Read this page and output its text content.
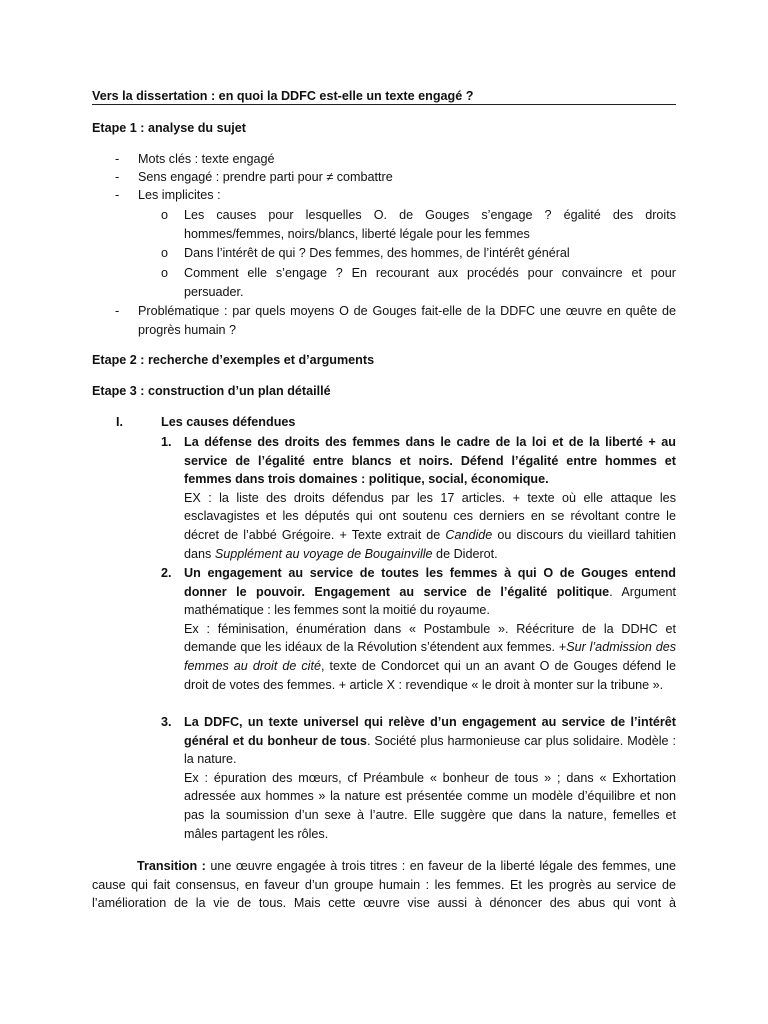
Vers la dissertation : en quoi la DDFC est-elle un texte engagé ?
Etape 1 : analyse du sujet
- Mots clés : texte engagé
- Sens engagé : prendre parti pour ≠ combattre
- Les implicites :
o Les causes pour lesquelles O. de Gouges s’engage ? égalité des droits hommes/femmes, noirs/blancs, liberté légale pour les femmes
o Dans l’intérêt de qui ? Des femmes, des hommes, de l’intérêt général
o Comment elle s’engage ? En recourant aux procédés pour convaincre et pour persuader.
- Problématique : par quels moyens O de Gouges fait-elle de la DDFC une œuvre en quête de progrès humain ?
Etape 2 : recherche d’exemples et d’arguments
Etape 3 : construction d’un plan détaillé
I.	Les causes défendues
1. La défense des droits des femmes dans le cadre de la loi et de la liberté + au service de l’égalité entre blancs et noirs. Défend l’égalité entre hommes et femmes dans trois domaines : politique, social, économique.
EX : la liste des droits défendus par les 17 articles. + texte où elle attaque les esclavagistes et les députés qui ont soutenu ces derniers en se révoltant contre le décret de l’abbé Grégoire. + Texte extrait de Candide ou discours du vieillard tahitien dans Supplément au voyage de Bougainville de Diderot.
2. Un engagement au service de toutes les femmes à qui O de Gouges entend donner le pouvoir. Engagement au service de l’égalité politique. Argument mathématique : les femmes sont la moitié du royaume.
Ex : féminisation, énumération dans « Postambule ». Réécriture de la DDHC et demande que les idéaux de la Révolution s’étendent aux femmes. +Sur l’admission des femmes au droit de cité, texte de Condorcet qui un an avant O de Gouges défend le droit de votes des femmes. + article X : revendique « le droit à monter sur la tribune ».
3. La DDFC, un texte universel qui relève d’un engagement au service de l’intérêt général et du bonheur de tous. Société plus harmonieuse car plus solidaire. Modèle : la nature.
Ex : épuration des mœurs, cf Préambule « bonheur de tous » ; dans « Exhortation adressée aux hommes » la nature est présentée comme un modèle d’équilibre et non pas la soumission d’un sexe à l’autre. Elle suggère que dans la nature, femelles et mâles partagent les rôles.
Transition : une œuvre engagée à trois titres : en faveur de la liberté légale des femmes, une cause qui fait consensus, en faveur d’un groupe humain : les femmes. Et les progrès au service de l’amélioration de la vie de tous. Mais cette œuvre vise aussi à dénoncer des abus qui vont à
